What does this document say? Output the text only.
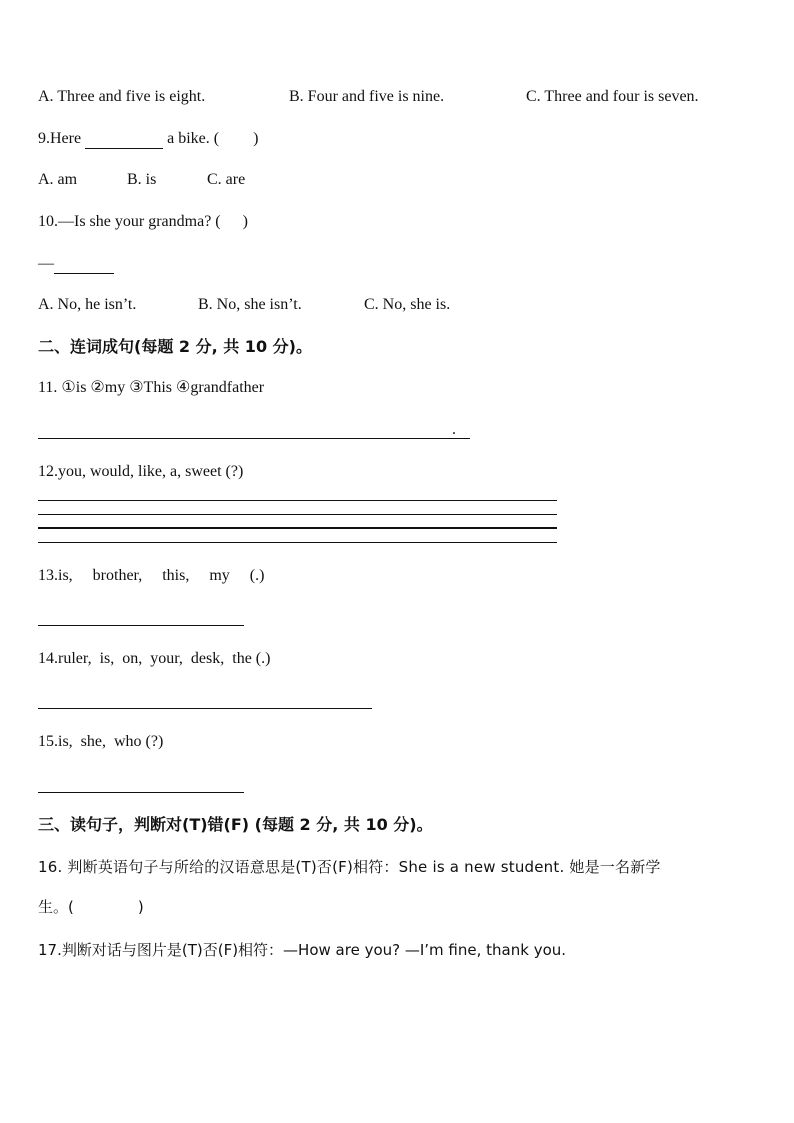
A. Three and five is eight.	B. Four and five is nine.	C. Three and four is seven.
9.Here	a bike. ( )
A. am	B. is	C. are
10.—Is she your grandma? ( )
—
A. No, he isn’t.	B. No, she isn’t.	C. No, she is.
二、连词成句(每题 2 分, 共 10 分)。
11. ①is ②my ③This ④grandfather
.
12.you, would, like, a, sweet (?)
13.is,     brother,     this,     my     (.)
14.ruler,  is,  on,  your,  desk,  the (.)
15.is,  she,  who (?)
三、读句子，判断对(T)错(F) (每题 2 分, 共 10 分)。
16. 判断英语句子与所给的汉语意思是(T)否(F)相符：She is a new student. 她是一名新学
生。(	)
17.判断对话与图片是(T)否(F)相符：—How are you? —I’m fine, thank you.
